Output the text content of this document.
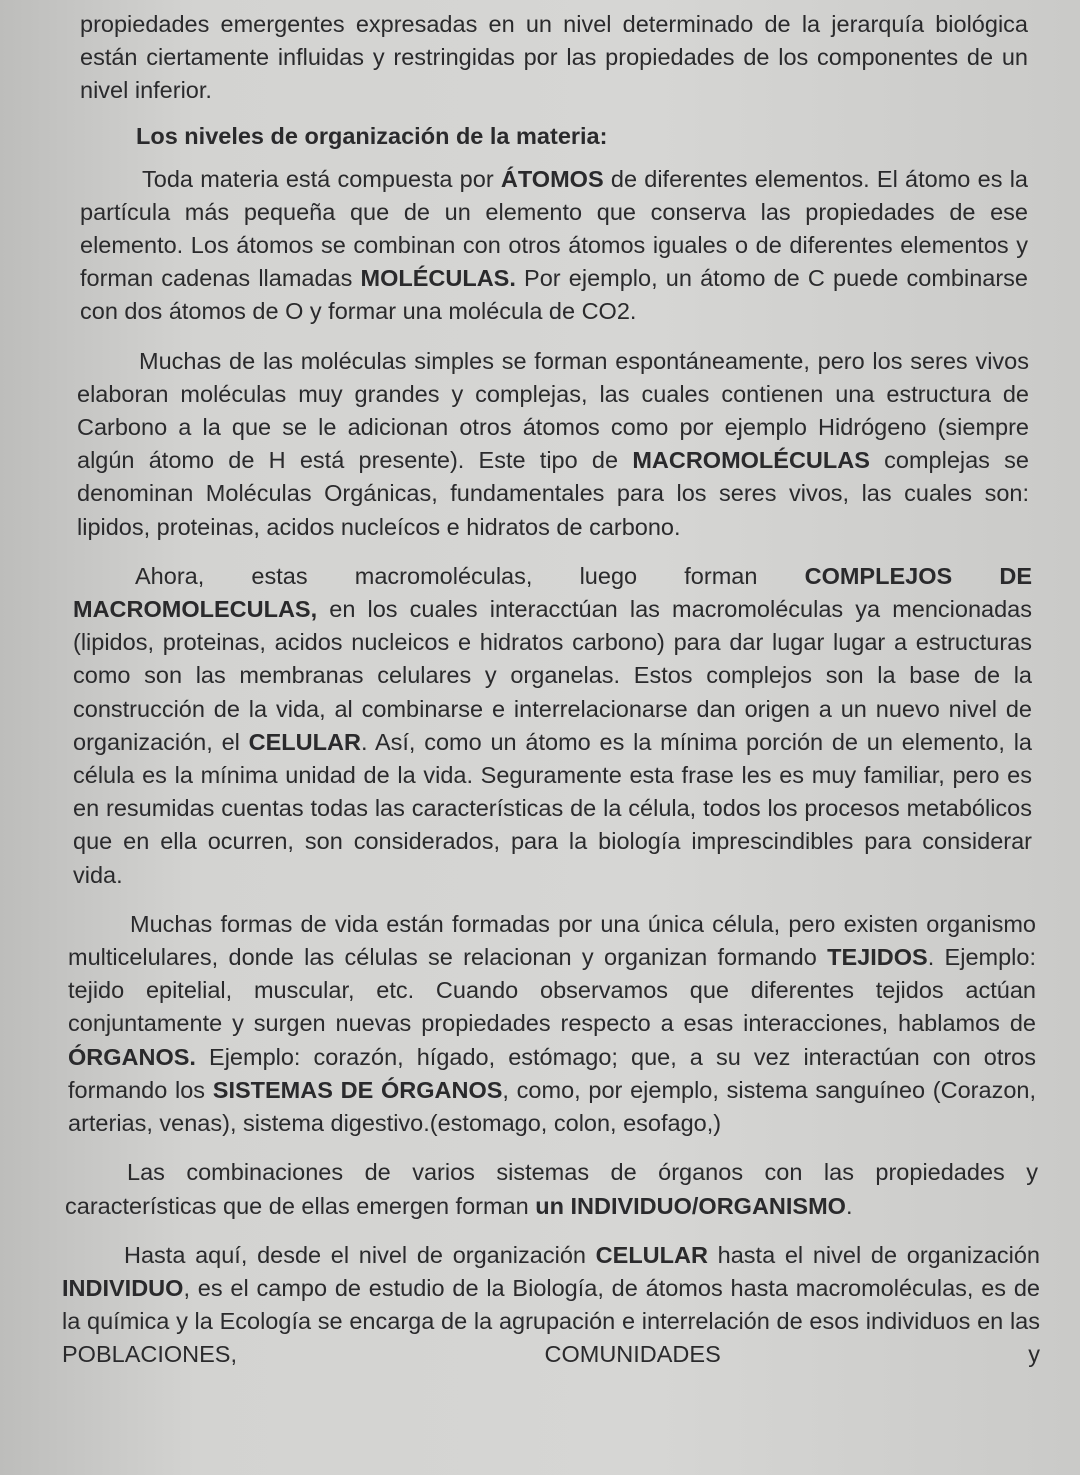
propiedades emergentes expresadas en un nivel determinado de la jerarquía biológica están ciertamente influidas y restringidas por las propiedades de los componentes de un nivel inferior.

Los niveles de organización de la materia:

Toda materia está compuesta por ÁTOMOS de diferentes elementos. El átomo es la partícula más pequeña que de un elemento que conserva las propiedades de ese elemento. Los átomos se combinan con otros átomos iguales o de diferentes elementos y forman cadenas llamadas MOLÉCULAS. Por ejemplo, un átomo de C puede combinarse con dos átomos de O y formar una molécula de CO2.

Muchas de las moléculas simples se forman espontáneamente, pero los seres vivos elaboran moléculas muy grandes y complejas, las cuales contienen una estructura de Carbono a la que se le adicionan otros átomos como por ejemplo Hidrógeno (siempre algún átomo de H está presente). Este tipo de MACROMOLÉCULAS complejas se denominan Moléculas Orgánicas, fundamentales para los seres vivos, las cuales son: lipidos, proteinas, acidos nucleícos e hidratos de carbono.

Ahora, estas macromoléculas, luego forman COMPLEJOS DE MACROMOLECULAS, en los cuales interacctúan las macromoléculas ya mencionadas (lipidos, proteinas, acidos nucleicos e hidratos carbono) para dar lugar lugar a estructuras como son las membranas celulares y organelas. Estos complejos son la base de la construcción de la vida, al combinarse e interrelacionarse dan origen a un nuevo nivel de organización, el CELULAR. Así, como un átomo es la mínima porción de un elemento, la célula es la mínima unidad de la vida. Seguramente esta frase les es muy familiar, pero es en resumidas cuentas todas las características de la célula, todos los procesos metabólicos que en ella ocurren, son considerados, para la biología imprescindibles para considerar vida.

Muchas formas de vida están formadas por una única célula, pero existen organismo multicelulares, donde las células se relacionan y organizan formando TEJIDOS. Ejemplo: tejido epitelial, muscular, etc. Cuando observamos que diferentes tejidos actúan conjuntamente y surgen nuevas propiedades respecto a esas interacciones, hablamos de ÓRGANOS. Ejemplo: corazón, hígado, estómago; que, a su vez interactúan con otros formando los SISTEMAS DE ÓRGANOS, como, por ejemplo, sistema sanguíneo (Corazon, arterias, venas), sistema digestivo.(estomago, colon, esofago,)

Las combinaciones de varios sistemas de órganos con las propiedades y características que de ellas emergen forman un INDIVIDUO/ORGANISMO.

Hasta aquí, desde el nivel de organización CELULAR hasta el nivel de organización INDIVIDUO, es el campo de estudio de la Biología, de átomos hasta macromoléculas, es de la química y la Ecología se encarga de la agrupación e interrelación de esos individuos en las POBLACIONES, COMUNIDADES y
